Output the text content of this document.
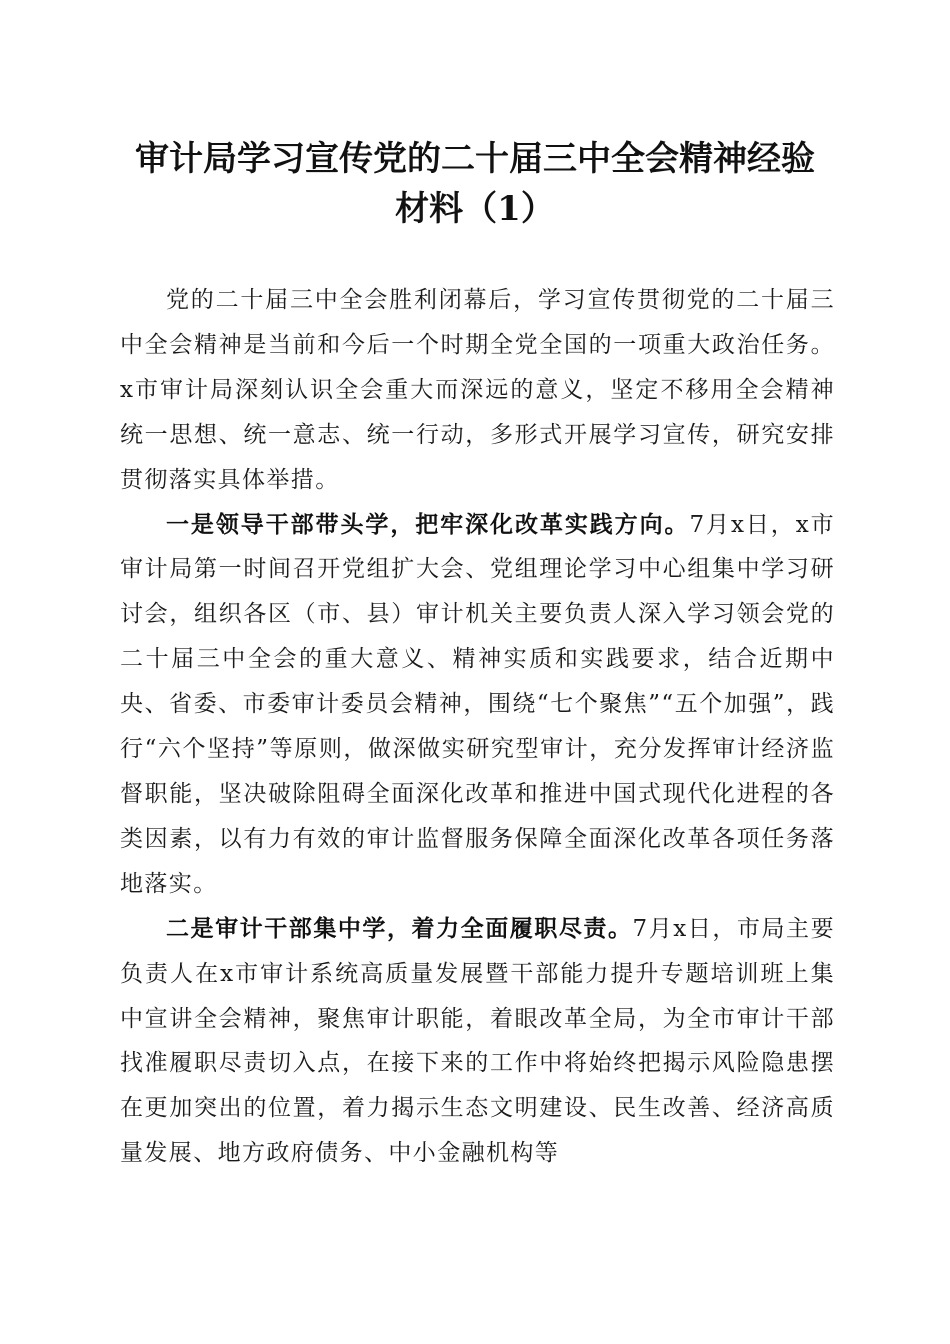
审计局学习宣传党的二十届三中全会精神经验
材料（1）

党的二十届三中全会胜利闭幕后，学习宣传贯彻党的二十届三中全会精神是当前和今后一个时期全党全国的一项重大政治任务。x市审计局深刻认识全会重大而深远的意义，坚定不移用全会精神统一思想、统一意志、统一行动，多形式开展学习宣传，研究安排贯彻落实具体举措。

一是领导干部带头学，把牢深化改革实践方向。7月x日，x市审计局第一时间召开党组扩大会、党组理论学习中心组集中学习研讨会，组织各区（市、县）审计机关主要负责人深入学习领会党的二十届三中全会的重大意义、精神实质和实践要求，结合近期中央、省委、市委审计委员会精神，围绕“七个聚焦”“五个加强”，践行“六个坚持”等原则，做深做实研究型审计，充分发挥审计经济监督职能，坚决破除阻碍全面深化改革和推进中国式现代化进程的各类因素，以有力有效的审计监督服务保障全面深化改革各项任务落地落实。

二是审计干部集中学，着力全面履职尽责。7月x日，市局主要负责人在x市审计系统高质量发展暨干部能力提升专题培训班上集中宣讲全会精神，聚焦审计职能，着眼改革全局，为全市审计干部找准履职尽责切入点，在接下来的工作中将始终把揭示风险隐患摆在更加突出的位置，着力揭示生态文明建设、民生改善、经济高质量发展、地方政府债务、中小金融机构等
